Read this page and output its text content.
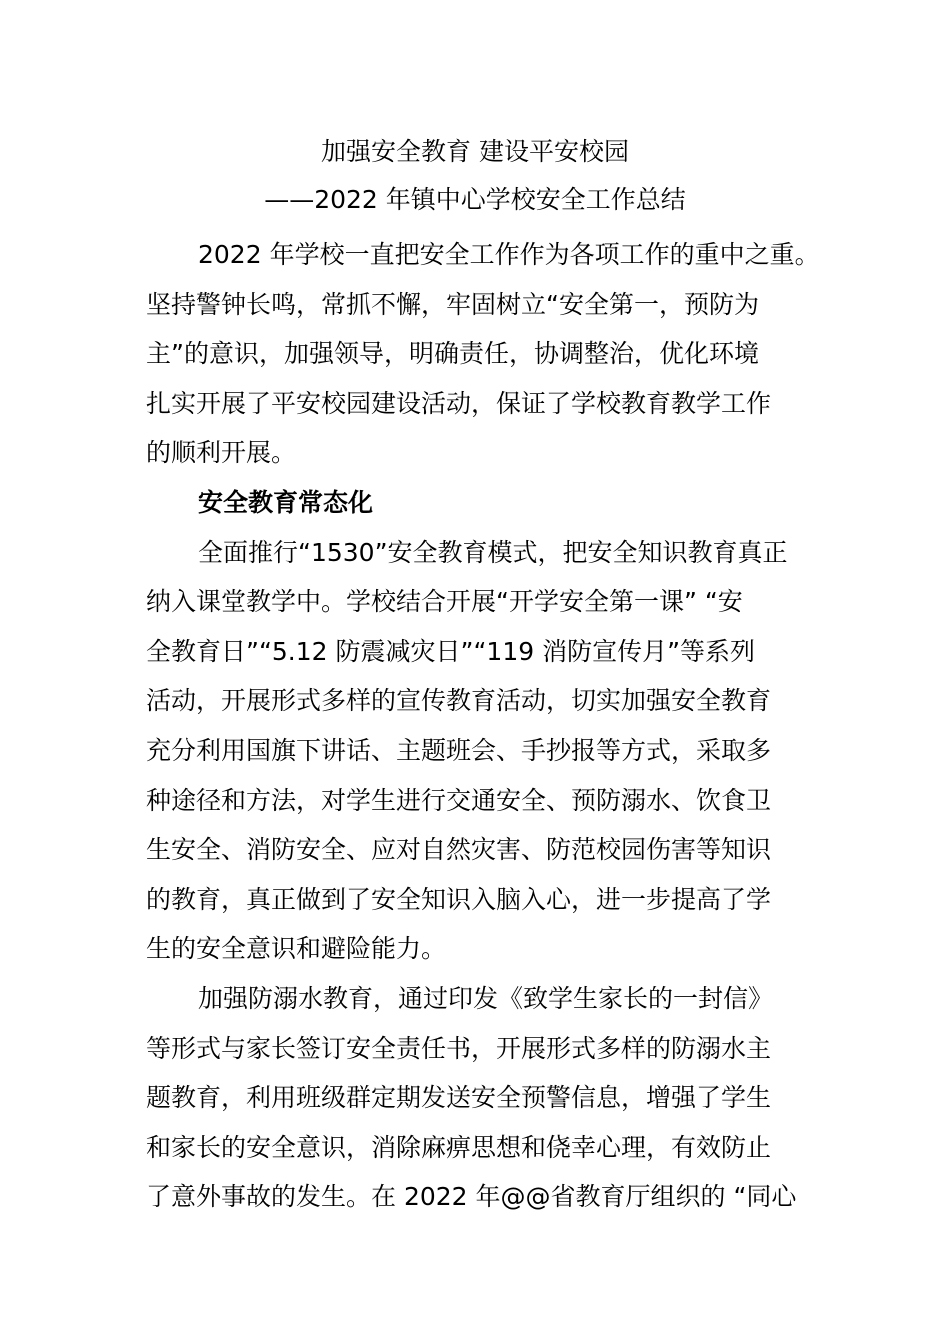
加强安全教育 建设平安校园
——2022 年镇中心学校安全工作总结

2022 年学校一直把安全工作作为各项工作的重中之重。
坚持警钟长鸣，常抓不懈，牢固树立“安全第一，预防为
主”的意识，加强领导，明确责任，协调整治，优化环境
扎实开展了平安校园建设活动，保证了学校教育教学工作
的顺利开展。

安全教育常态化

全面推行“1530”安全教育模式，把安全知识教育真正
纳入课堂教学中。学校结合开展“开学安全第一课” “安
全教育日”“5.12 防震减灾日”“119 消防宣传月”等系列
活动，开展形式多样的宣传教育活动，切实加强安全教育
充分利用国旗下讲话、主题班会、手抄报等方式，采取多
种途径和方法，对学生进行交通安全、预防溺水、饮食卫
生安全、消防安全、应对自然灾害、防范校园伤害等知识
的教育，真正做到了安全知识入脑入心，进一步提高了学
生的安全意识和避险能力。

加强防溺水教育，通过印发《致学生家长的一封信》
等形式与家长签订安全责任书，开展形式多样的防溺水主
题教育，利用班级群定期发送安全预警信息，增强了学生
和家长的安全意识，消除麻痹思想和侥幸心理，有效防止
了意外事故的发生。在 2022 年@@省教育厅组织的 “同心
